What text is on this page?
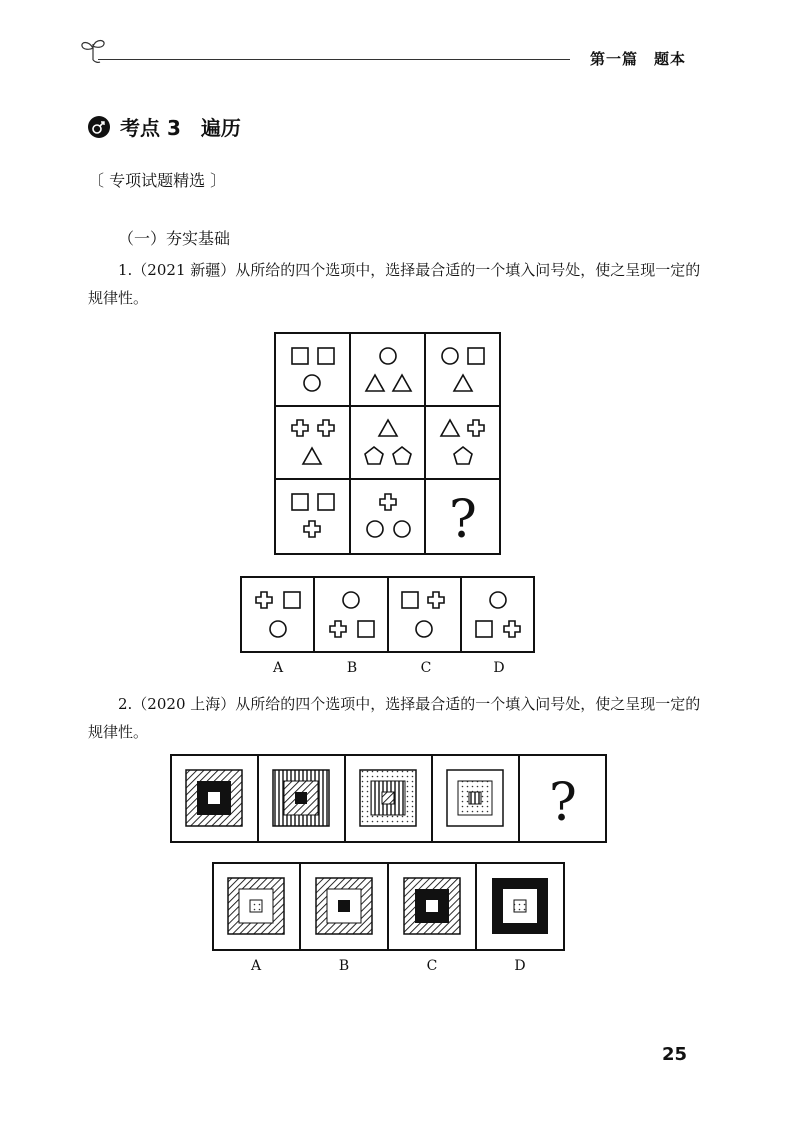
第一篇　题本
考点 3　遍历
〔 专项试题精选 〕
（一）夯实基础
1.（2021 新疆）从所给的四个选项中，选择最合适的一个填入问号处，使之呈现一定的规律性。
?
A	B	C	D
2.（2020 上海）从所给的四个选项中，选择最合适的一个填入问号处，使之呈现一定的规律性。
?
A	B	C	D
25
